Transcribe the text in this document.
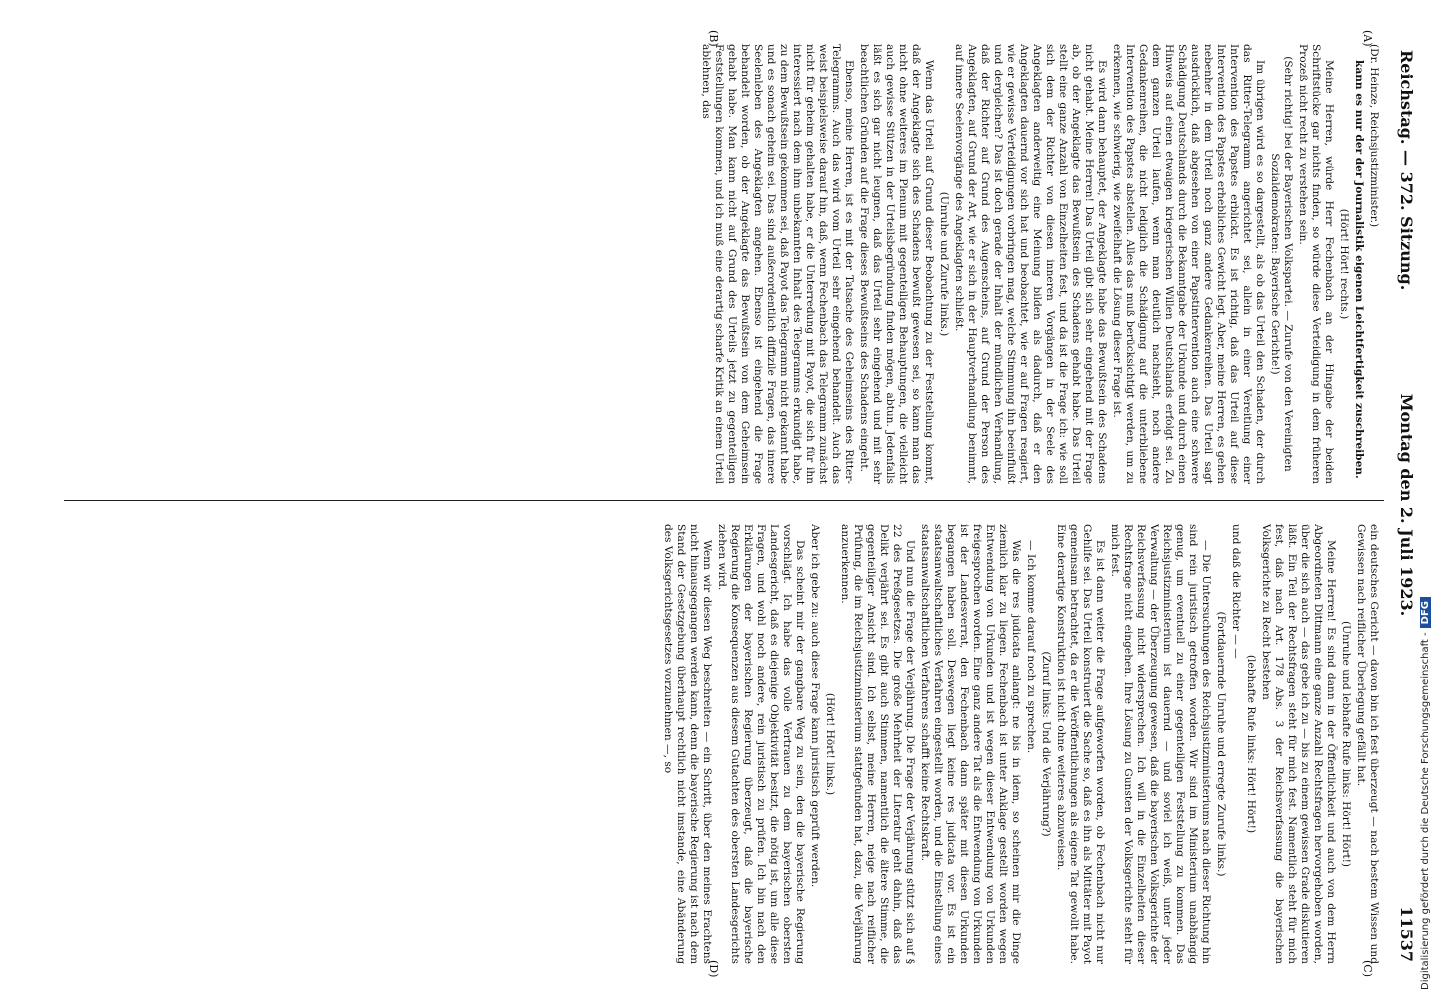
Reichstag. — 372. Sitzung.
Montag den 2. Juli 1923.
11537
(A)
(B)
(C)
(D)

(Dr. Heinze, Reichsjustizminister.)

kann es nur der der Journalistik eigenen Leichtfertigkeit zuschreiben.

(Hört! Hört! rechts.)

Meine Herren, würde Herr Fechenbach an der Hingabe der beiden Schriftstücke gar nichts finden, so würde diese Verteidigung in dem früheren Prozeß nicht recht zu verstehen sein.

(Sehr richtig! bei der Bayerischen Volkspartei. — Zurufe von den Vereinigten Sozialdemokraten: Bayerische Gerichte!)

Im übrigen wird es so dargestellt, als ob das Urteil den Schaden, der durch das Ritter-Telegramm angerichtet sei, allein in einer Vereitlung einer Intervention des Papstes erblickt. Es ist richtig, daß das Urteil auf diese Intervention des Papstes erhebliches Gewicht legt. Aber, meine Herren, es gehen nebenher in dem Urteil noch ganz andere Gedankenreihen. Das Urteil sagt ausdrücklich, daß abgesehen von einer Papstintervention auch eine schwere Schädigung Deutschlands durch die Bekanntgabe der Urkunde und durch einen Hinweis auf einen etwaigen kriegerischen Willen Deutschlands erfolgt sei. Zu dem ganzen Urteil laufen, wenn man deutlich nachsieht, noch andere Gedankenreihen, die nicht lediglich die Schädigung auf die unterbliebene Intervention des Papstes abstellen. Alles das muß berücksichtigt werden, um zu erkennen, wie schwierig, wie zweifelhaft die Lösung dieser Frage ist.

Es wird dann behauptet, der Angeklagte habe das Bewußtsein des Schadens nicht gehabt. Meine Herren! Das Urteil gibt sich sehr eingehend mit der Frage ab, ob der Angeklagte das Bewußtsein des Schadens gehabt habe. Das Urteil stellt eine ganze Anzahl von Einzelheiten fest, und da ist die Frage ich: wie soll sich dem der Richter von diesen inneren Vorgängen in der Seele des Angeklagten anderweitig eine Meinung bilden als dadurch, daß er den Angeklagten dauernd vor sich hat und beobachtet, wie er auf Fragen reagiert, wie er gewisse Verteidigungen vorbringen mag, welche Stimmung ihn beeinflußt und dergleichen? Das ist doch gerade der Inhalt der mündlichen Verhandlung, daß der Richter auf Grund des Augenscheins, auf Grund der Person des Angeklagten, auf Grund der Art, wie er sich in der Hauptverhandlung benimmt, auf innere Seelenvorgänge des Angeklagten schließt.

(Unruhe und Zurufe links.)

Wenn das Urteil auf Grund dieser Beobachtung zu der Feststellung kommt, daß der Angeklagte sich des Schadens bewußt gewesen sei, so kann man das nicht ohne weiteres im Plenum mit gegenteiligen Behauptungen, die vielleicht auch gewisse Stützen in der Urteilsbegründung finden mögen, abtun. Jedenfalls läßt es sich gar nicht leugnen, daß das Urteil sehr eingehend und mit sehr beachtlichen Gründen auf die Frage dieses Bewußtseins des Schadens eingeht.

Ebenso, meine Herren, ist es mit der Tatsache des Geheimseins des Ritter-Telegramms. Auch das wird vom Urteil sehr eingehend behandelt. Auch das weist beispielsweise darauf hin, daß, wenn Fechenbach das Telegramm zunächst nicht für geheim gehalten habe, er die Unterredung mit Payot, die sich für ihn interessiert nach dem ihm unbekannten Inhalt des Telegramms erkundigt habe, zu dem Bewußtsein gekommen sei, daß Payot das Telegramm nicht gekannt habe und es sonach geheim sei. Das sind außerordentlich diffizile Fragen, das innere Seelenleben des Angeklagten angehen. Ebenso ist eingehend die Frage behandelt worden, ob der Angeklagte das Bewußtsein von dem Geheimsein gehabt habe. Man kann nicht auf Grund des Urteils jetzt zu gegenteiligen Feststellungen kommen, und ich muß eine derartig scharfe Kritik an einem Urteil ablehnen, das

ein deutsches Gericht — davon bin ich fest überzeugt — nach bestem Wissen und Gewissen nach reiflicher Überlegung gefällt hat.

(Unruhe und lebhafte Rufe links: Hört! Hört!)

Meine Herren! Es sind dann in der Öffentlichkeit und auch von dem Herrn Abgeordneten Dittmann eine ganze Anzahl Rechtsfragen hervorgehoben worden, über die sich auch — das gebe ich zu — bis zu einem gewissen Grade diskutieren läßt. Ein Teil der Rechtsfragen steht für mich fest. Namentlich steht für mich fest, daß nach Art. 178 Abs. 3 der Reichsverfassung die bayerischen Volksgerichte zu Recht bestehen

(lebhafte Rufe links: Hört! Hört!)

und daß die Richter — —

(Fortdauernde Unruhe und erregte Zurufe links.)

— Die Untersuchungen des Reichsjustizministeriums nach dieser Richtung hin sind rein juristisch getroffen worden. Wir sind im Ministerium unabhängig genug, um eventuell zu einer gegenteiligen Feststellung zu kommen. Das Reichsjustizministerium ist dauernd — und soviel ich weiß, unter jeder Verwaltung — der Überzeugung gewesen, daß die bayerischen Volksgerichte der Reichsverfassung nicht widersprechen. Ich will in die Einzelheiten dieser Rechtsfrage nicht eingehen. Ihre Lösung zu Gunsten der Volksgerichte steht für mich fest.

Es ist dann weiter die Frage aufgeworfen worden, ob Fechenbach nicht nur Gehilfe sei. Das Urteil konstruiert die Sache so, daß es ihn als Mittäter mit Payot gemeinsam betrachtet, da er die Veröffentlichungen als eigene Tat gewollt habe. Eine derartige Konstruktion ist nicht ohne weiteres abzuweisen.

(Zuruf links: Und die Verjährung?)

— Ich komme darauf noch zu sprechen.

Was die res judicata anlangt: ne bis in idem, so scheinen mir die Dinge ziemlich klar zu liegen. Fechenbach ist unter Anklage gestellt worden wegen Entwendung von Urkunden und ist wegen dieser Entwendung von Urkunden freigesprochen worden. Eine ganz andere Tat als die Entwendung von Urkunden ist der Landesverrat, den Fechenbach dann später mit diesen Urkunden begangen haben soll. Deswegen liegt keine res judicata vor. Es ist ein staatsanwaltschaftliches Verfahren eingestellt worden, und die Einstellung eines staatsanwaltschaftlichen Verfahrens schafft keine Rechtskraft.

Und nun die Frage der Verjährung. Die Frage der Verjährung stützt sich auf § 22 des Preßgesetzes. Die große Mehrheit der Literatur geht dahin, daß das Delikt verjährt sei. Es gibt auch Stimmen, namentlich die ältere Stimme, die gegenteiliger Ansicht sind. Ich selbst, meine Herren, neige nach reiflicher Prüfung, die im Reichsjustizministerium stattgefunden hat, dazu, die Verjährung anzuerkennen.

(Hört! Hört! links.)

Aber ich gebe zu: auch diese Frage kann juristisch geprüft werden.

Das scheint mir der gangbare Weg zu sein, den die bayerische Regierung vorschlägt. Ich habe das volle Vertrauen zu dem bayerischen obersten Landesgericht, daß es diejenige Objektivität besitzt, die nötig ist, um alle diese Fragen, und wohl noch andere, rein juristisch zu prüfen. Ich bin nach den Erklärungen der bayerischen Regierung überzeugt, daß die bayerische Regierung die Konsequenzen aus diesem Gutachten des obersten Landesgerichts ziehen wird.

Wenn wir diesen Weg beschreiten — ein Schritt, über den meines Erachtens nicht hinausgegangen werden kann, denn die bayerische Regierung ist nach dem Stand der Gesetzgebung überhaupt rechtlich nicht imstande, eine Abänderung des Volksgerichtsgesetzes vorzunehmen —, so	Digitalisierung gefördert durch die Deutsche Forschungsgemeinschaft -DFG
